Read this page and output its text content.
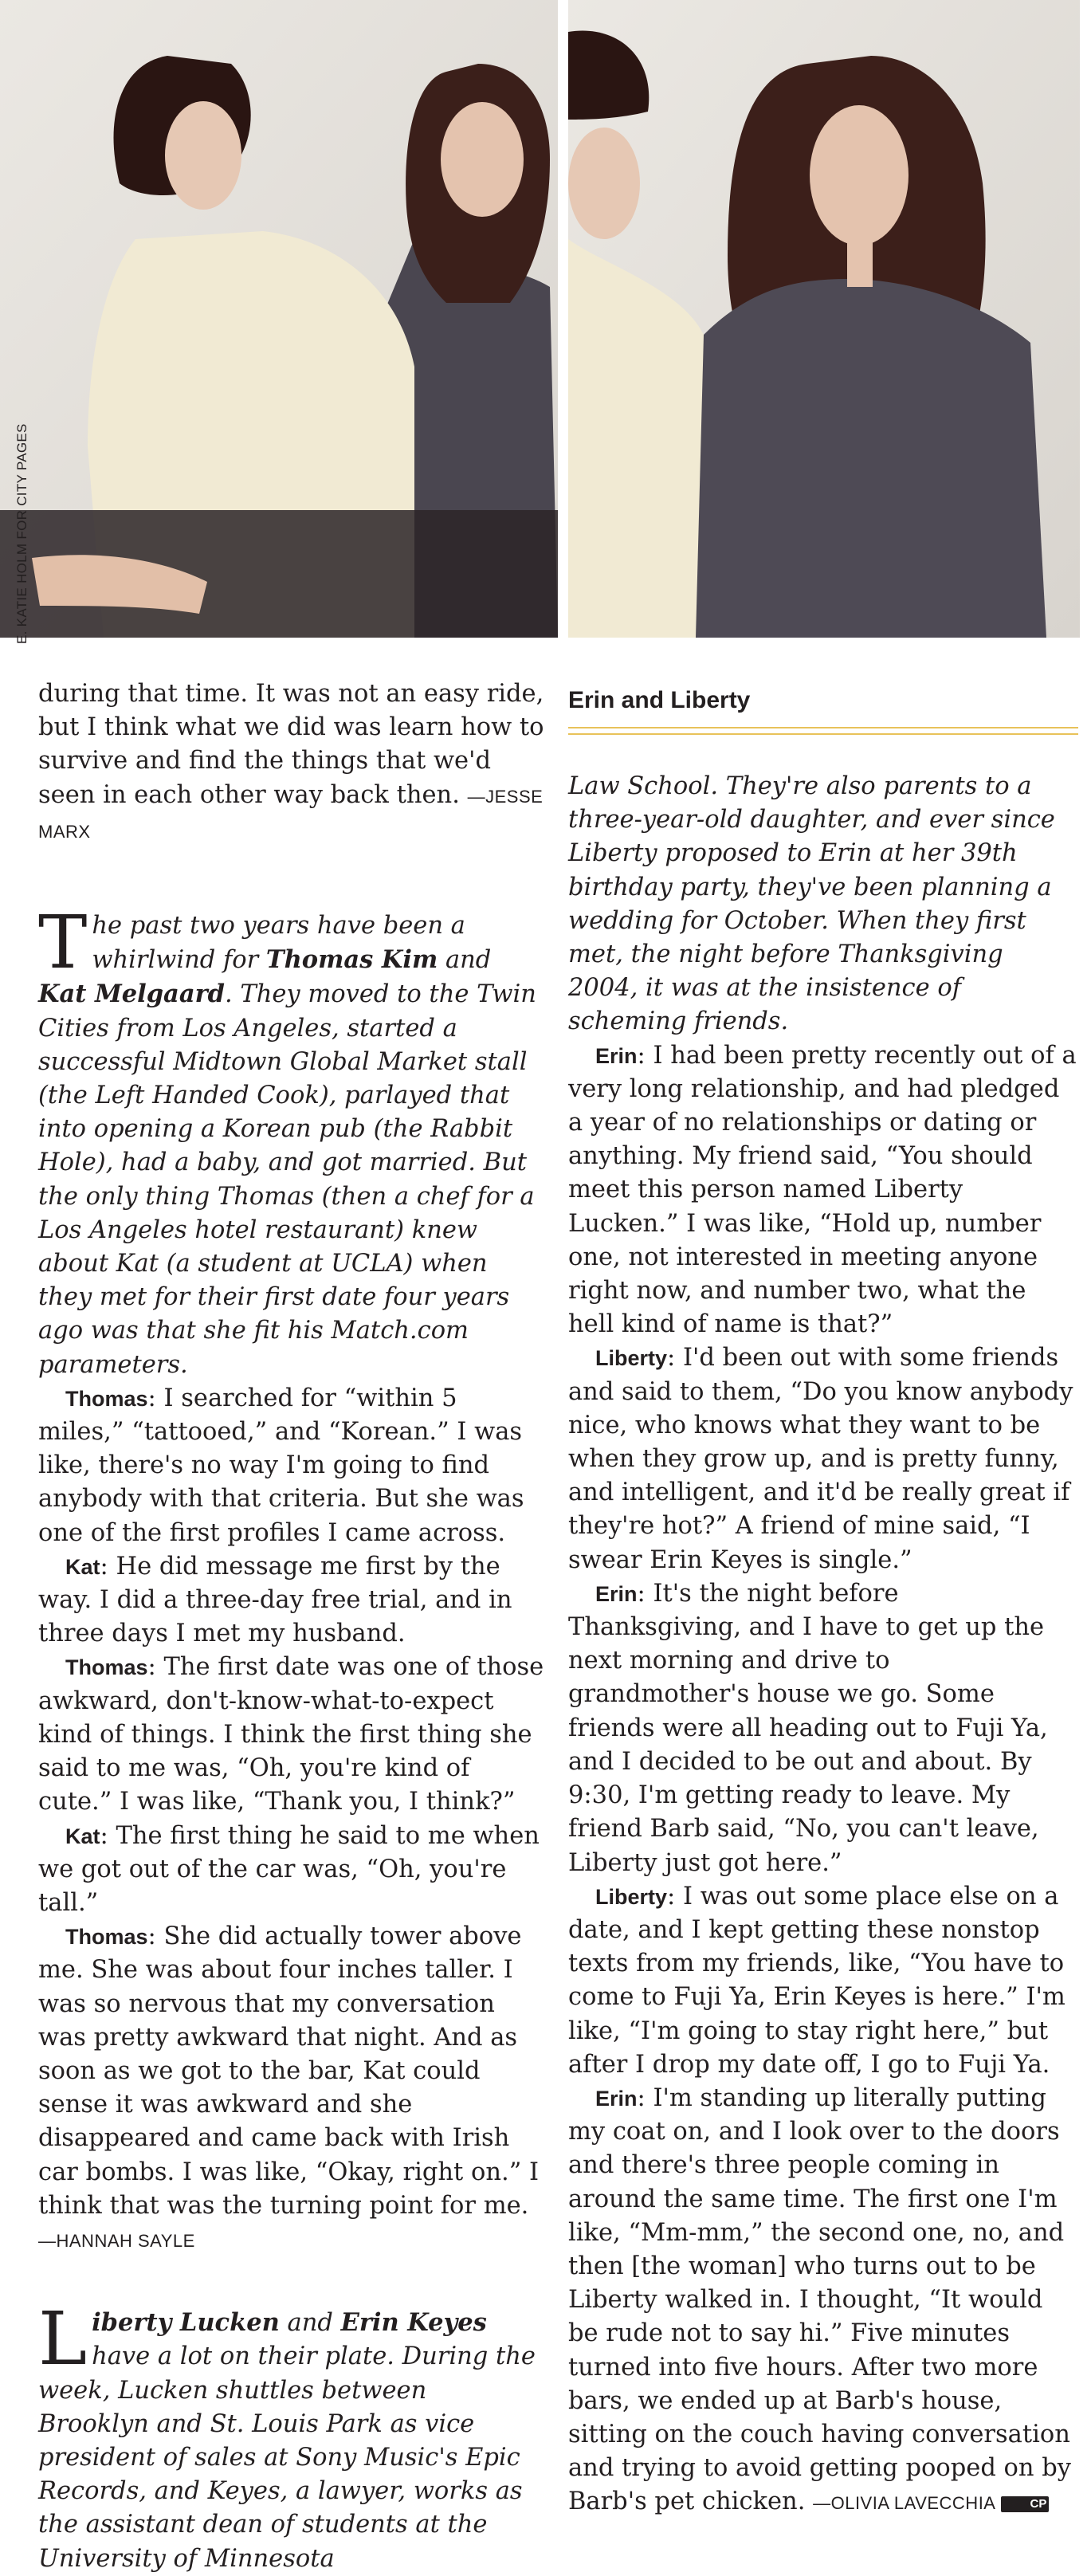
E. KATIE HOLM FOR CITY PAGES

during that time. It was not an easy ride, but I think what we did was learn how to survive and find the things that we'd seen in each other way back then. —JESSE MARX

The past two years have been a whirlwind for Thomas Kim and Kat Melgaard. They moved to the Twin Cities from Los Angeles, started a successful Midtown Global Market stall (the Left Handed Cook), parlayed that into opening a Korean pub (the Rabbit Hole), had a baby, and got married. But the only thing Thomas (then a chef for a Los Angeles hotel restaurant) knew about Kat (a student at UCLA) when they met for their first date four years ago was that she fit his Match.com parameters.

Thomas: I searched for “within 5 miles,” “tattooed,” and “Korean.” I was like, there's no way I'm going to find anybody with that criteria. But she was one of the first profiles I came across.

Kat: He did message me first by the way. I did a three-day free trial, and in three days I met my husband.

Thomas: The first date was one of those awkward, don't-know-what-to-expect kind of things. I think the first thing she said to me was, “Oh, you're kind of cute.” I was like, “Thank you, I think?”

Kat: The first thing he said to me when we got out of the car was, “Oh, you're tall.”

Thomas: She did actually tower above me. She was about four inches taller. I was so nervous that my conversation was pretty awkward that night. And as soon as we got to the bar, Kat could sense it was awkward and she disappeared and came back with Irish car bombs. I was like, “Okay, right on.” I think that was the turning point for me. —HANNAH SAYLE

Liberty Lucken and Erin Keyes have a lot on their plate. During the week, Lucken shuttles between Brooklyn and St. Louis Park as vice president of sales at Sony Music's Epic Records, and Keyes, a lawyer, works as the assistant dean of students at the University of Minnesota

Erin and Liberty

Law School. They're also parents to a three-year-old daughter, and ever since Liberty proposed to Erin at her 39th birthday party, they've been planning a wedding for October. When they first met, the night before Thanksgiving 2004, it was at the insistence of scheming friends.

Erin: I had been pretty recently out of a very long relationship, and had pledged a year of no relationships or dating or anything. My friend said, “You should meet this person named Liberty Lucken.” I was like, “Hold up, number one, not interested in meeting anyone right now, and number two, what the hell kind of name is that?”

Liberty: I'd been out with some friends and said to them, “Do you know anybody nice, who knows what they want to be when they grow up, and is pretty funny, and intelligent, and it'd be really great if they're hot?” A friend of mine said, “I swear Erin Keyes is single.”

Erin: It's the night before Thanksgiving, and I have to get up the next morning and drive to grandmother's house we go. Some friends were all heading out to Fuji Ya, and I decided to be out and about. By 9:30, I'm getting ready to leave. My friend Barb said, “No, you can't leave, Liberty just got here.”

Liberty: I was out some place else on a date, and I kept getting these nonstop texts from my friends, like, “You have to come to Fuji Ya, Erin Keyes is here.” I'm like, “I'm going to stay right here,” but after I drop my date off, I go to Fuji Ya.

Erin: I'm standing up literally putting my coat on, and I look over to the doors and there's three people coming in around the same time. The first one I'm like, “Mm-mm,” the second one, no, and then [the woman] who turns out to be Liberty walked in. I thought, “It would be rude not to say hi.” Five minutes turned into five hours. After two more bars, we ended up at Barb's house, sitting on the couch having conversation and trying to avoid getting pooped on by Barb's pet chicken. —OLIVIA LAVECCHIA	CP
